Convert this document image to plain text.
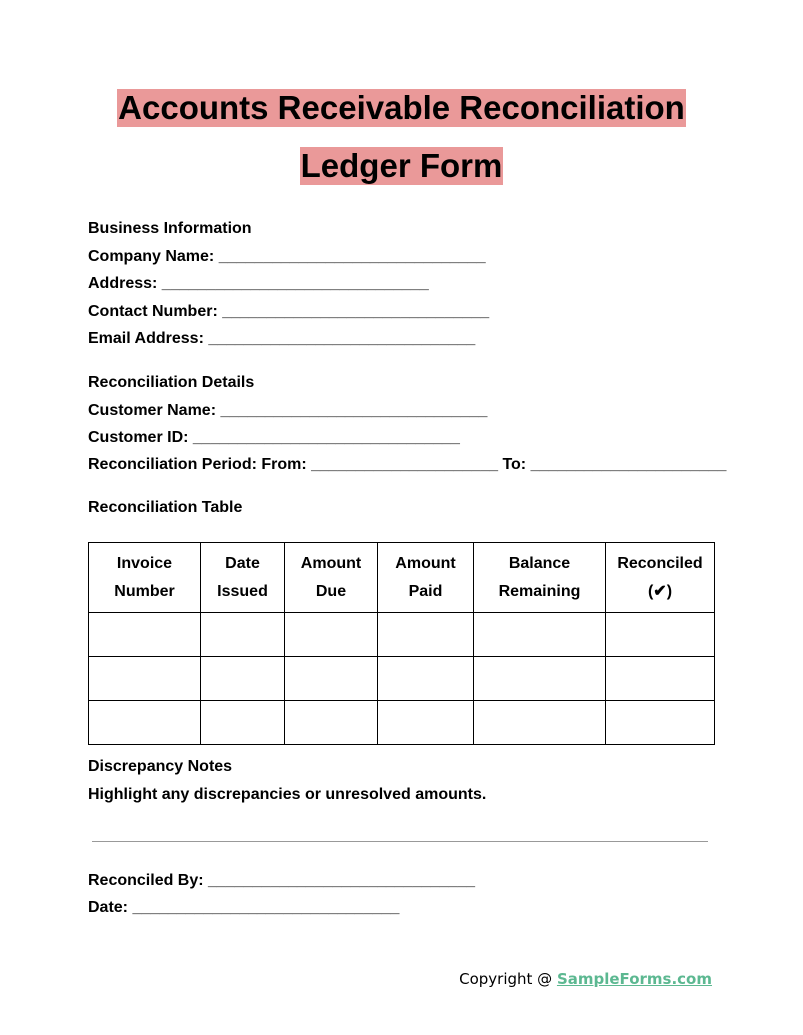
Accounts Receivable Reconciliation
Ledger Form
Business Information
Company Name: ______________________________
Address: ______________________________
Contact Number: ______________________________
Email Address: ______________________________
Reconciliation Details
Customer Name: ______________________________
Customer ID: ______________________________
Reconciliation Period: From: _____________________ To: ______________________
Reconciliation Table
Invoice Number	Date Issued	Amount Due	Amount Paid	Balance Remaining	Reconciled (✔)

Discrepancy Notes
Highlight any discrepancies or unresolved amounts.
Reconciled By: ______________________________
Date: ______________________________
Copyright @ SampleForms.com
